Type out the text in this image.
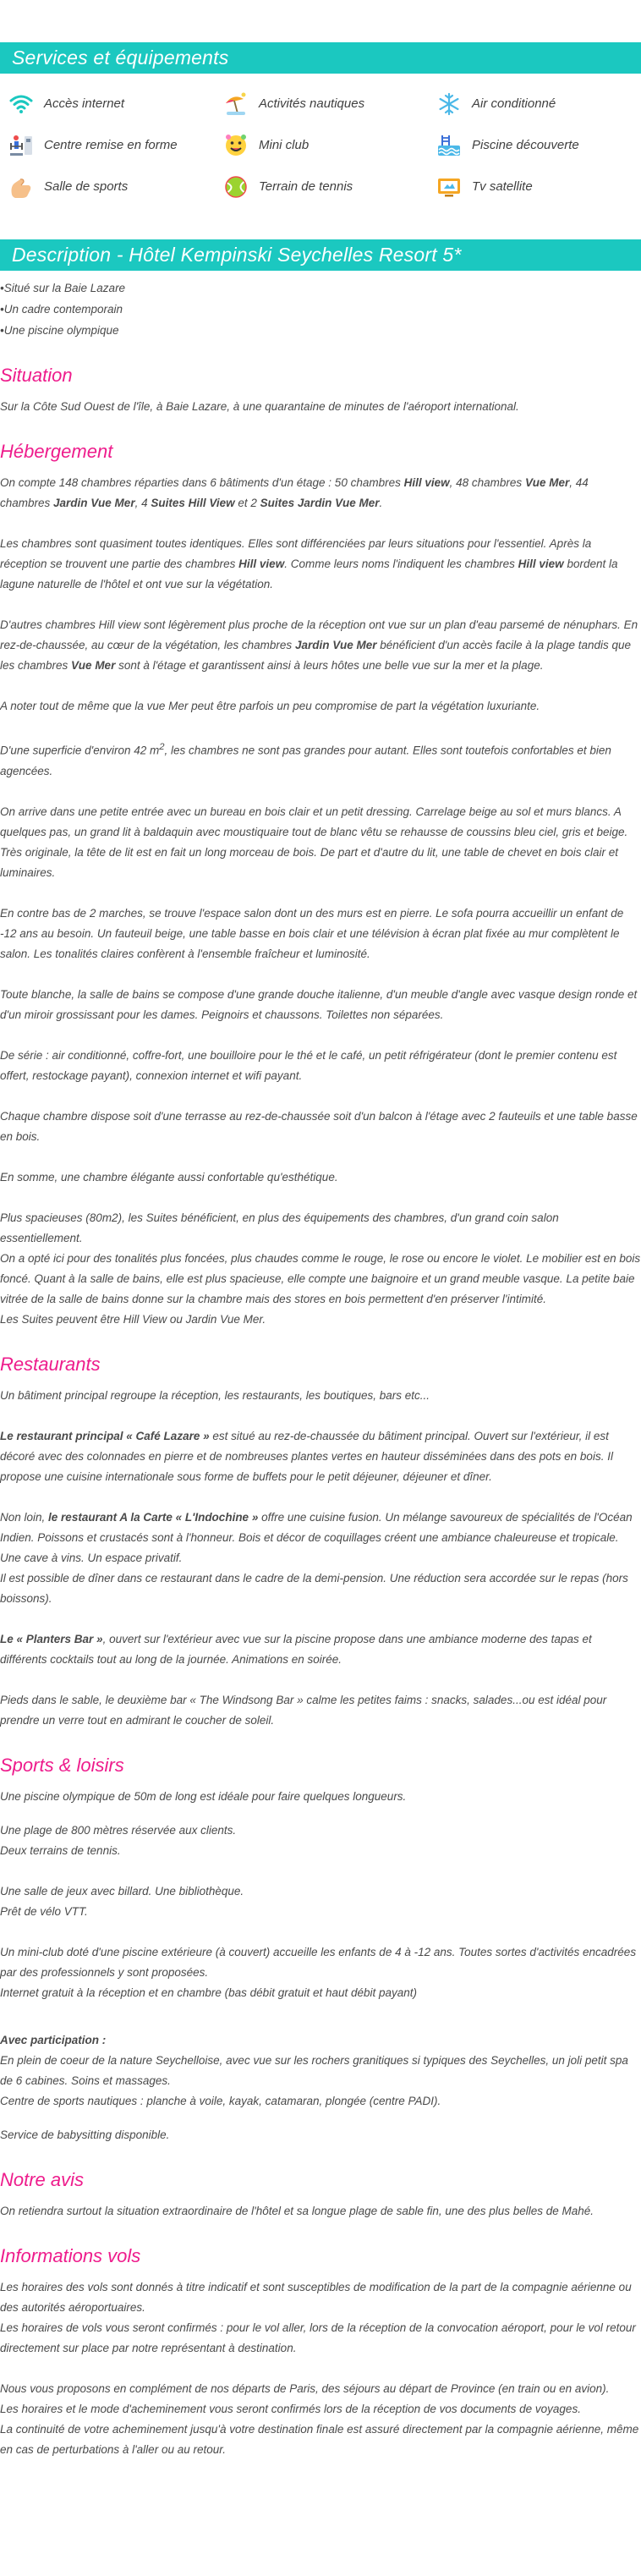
Services et équipements
Accès internet	Activités nautiques	Air conditionné
Centre remise en forme	Mini club	Piscine découverte
Salle de sports	Terrain de tennis	Tv satellite
Description - Hôtel Kempinski Seychelles Resort 5*
• Situé sur la Baie Lazare
• Un cadre contemporain
• Une piscine olympique
Situation

Sur la Côte Sud Ouest de l'île, à Baie Lazare, à une quarantaine de minutes de l'aéroport international.

Hébergement

On compte 148 chambres réparties dans 6 bâtiments d'un étage : 50 chambres Hill view, 48 chambres Vue Mer, 44 chambres Jardin Vue Mer, 4 Suites Hill View et 2 Suites Jardin Vue Mer.

Les chambres sont quasiment toutes identiques. Elles sont différenciées par leurs situations pour l'essentiel. Après la réception se trouvent une partie des chambres Hill view. Comme leurs noms l'indiquent les chambres Hill view bordent la lagune naturelle de l'hôtel et ont vue sur la végétation.

D'autres chambres Hill view sont légèrement plus proche de la réception ont vue sur un plan d'eau parsemé de nénuphars. En rez-de-chaussée, au cœur de la végétation, les chambres Jardin Vue Mer bénéficient d'un accès facile à la plage tandis que les chambres Vue Mer sont à l'étage et garantissent ainsi à leurs hôtes une belle vue sur la mer et la plage.

A noter tout de même que la vue Mer peut être parfois un peu compromise de part la végétation luxuriante.

D'une superficie d'environ 42 $m^2$, les chambres ne sont pas grandes pour autant. Elles sont toutefois confortables et bien agencées.

On arrive dans une petite entrée avec un bureau en bois clair et un petit dressing. Carrelage beige au sol et murs blancs. A quelques pas, un grand lit à baldaquin avec moustiquaire tout de blanc vêtu se rehausse de coussins bleu ciel, gris et beige. Très originale, la tête de lit est en fait un long morceau de bois. De part et d'autre du lit, une table de chevet en bois clair et luminaires.

En contre bas de 2 marches, se trouve l'espace salon dont un des murs est en pierre. Le sofa pourra accueillir un enfant de -12 ans au besoin. Un fauteuil beige, une table basse en bois clair et une télévision à écran plat fixée au mur complètent le salon. Les tonalités claires confèrent à l'ensemble fraîcheur et luminosité.

Toute blanche, la salle de bains se compose d'une grande douche italienne, d'un meuble d'angle avec vasque design ronde et d'un miroir grossissant pour les dames. Peignoirs et chaussons. Toilettes non séparées.

De série : air conditionné, coffre-fort, une bouilloire pour le thé et le café, un petit réfrigérateur (dont le premier contenu est offert, restockage payant), connexion internet et wifi payant.

Chaque chambre dispose soit d'une terrasse au rez-de-chaussée soit d'un balcon à l'étage avec 2 fauteuils et une table basse en bois.

En somme, une chambre élégante aussi confortable qu'esthétique.

Plus spacieuses (80m2), les Suites bénéficient, en plus des équipements des chambres, d'un grand coin salon essentiellement.

On a opté ici pour des tonalités plus foncées, plus chaudes comme le rouge, le rose ou encore le violet. Le mobilier est en bois foncé. Quant à la salle de bains, elle est plus spacieuse, elle compte une baignoire et un grand meuble vasque. La petite baie vitrée de la salle de bains donne sur la chambre mais des stores en bois permettent d'en préserver l'intimité.

Les Suites peuvent être Hill View ou Jardin Vue Mer.

Restaurants

Un bâtiment principal regroupe la réception, les restaurants, les boutiques, bars etc...

Le restaurant principal « Café Lazare » est situé au rez-de-chaussée du bâtiment principal. Ouvert sur l'extérieur, il est décoré avec des colonnades en pierre et de nombreuses plantes vertes en hauteur disséminées dans des pots en bois. Il propose une cuisine internationale sous forme de buffets pour le petit déjeuner, déjeuner et dîner.

Non loin, le restaurant A la Carte « L'Indochine » offre une cuisine fusion. Un mélange savoureux de spécialités de l'Océan Indien. Poissons et crustacés sont à l'honneur. Bois et décor de coquillages créent une ambiance chaleureuse et tropicale. Une cave à vins. Un espace privatif.

Il est possible de dîner dans ce restaurant dans le cadre de la demi-pension. Une réduction sera accordée sur le repas (hors boissons).

Le « Planters Bar », ouvert sur l'extérieur avec vue sur la piscine propose dans une ambiance moderne des tapas et différents cocktails tout au long de la journée. Animations en soirée.

Pieds dans le sable, le deuxième bar « The Windsong Bar » calme les petites faims : snacks, salades...ou est idéal pour prendre un verre tout en admirant le coucher de soleil.

Sports & loisirs

Une piscine olympique de 50m de long est idéale pour faire quelques longueurs.

Une plage de 800 mètres réservée aux clients.

Deux terrains de tennis.

Une salle de jeux avec billard. Une bibliothèque.

Prêt de vélo VTT.

Un mini-club doté d'une piscine extérieure (à couvert) accueille les enfants de 4 à -12 ans. Toutes sortes d'activités encadrées par des professionnels y sont proposées.

Internet gratuit à la réception et en chambre (bas débit gratuit et haut débit payant)

Avec participation :

En plein de coeur de la nature Seychelloise, avec vue sur les rochers granitiques si typiques des Seychelles, un joli petit spa de 6 cabines. Soins et massages.

Centre de sports nautiques : planche à voile, kayak, catamaran, plongée (centre PADI).

Service de babysitting disponible.

Notre avis

On retiendra surtout la situation extraordinaire de l'hôtel et sa longue plage de sable fin, une des plus belles de Mahé.

Informations vols

Les horaires des vols sont donnés à titre indicatif et sont susceptibles de modification de la part de la compagnie aérienne ou des autorités aéroportuaires.

Les horaires de vols vous seront confirmés : pour le vol aller, lors de la réception de la convocation aéroport, pour le vol retour directement sur place par notre représentant à destination.

Nous vous proposons en complément de nos départs de Paris, des séjours au départ de Province (en train ou en avion).

Les horaires et le mode d'acheminement vous seront confirmés lors de la réception de vos documents de voyages.

La continuité de votre acheminement jusqu'à votre destination finale est assuré directement par la compagnie aérienne, même en cas de perturbations à l'aller ou au retour.
